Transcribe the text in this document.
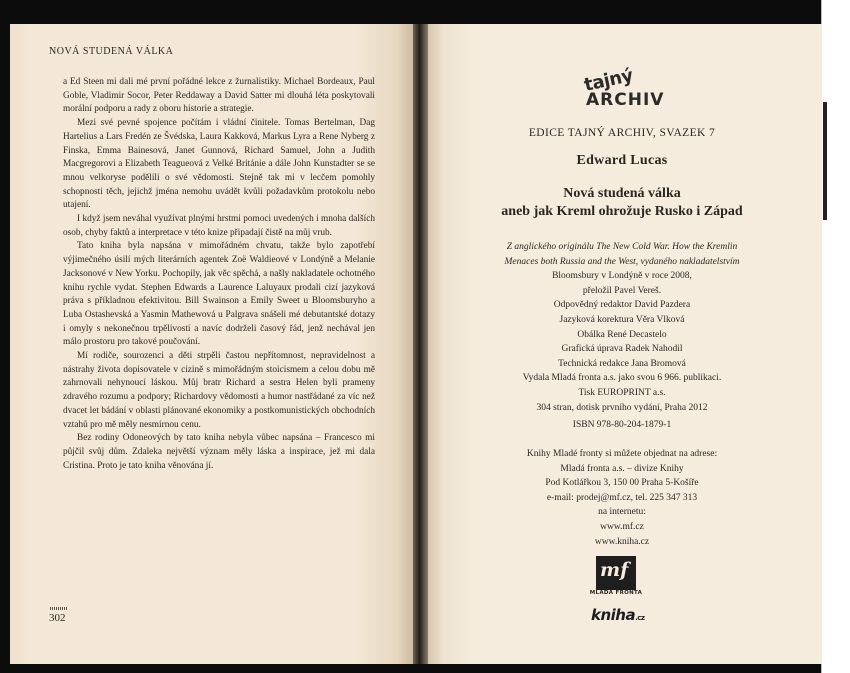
NOVÁ STUDENÁ VÁLKA

a Ed Steen mi dali mé první pořádné lekce z žurnalistiky. Michael Bordeaux, Paul Goble, Vladimir Socor, Peter Reddaway a David Satter mi dlouhá léta poskytovali morální podporu a rady z oboru historie a strategie.

Mezi své pevné spojence počítám i vládní činitele. Tomas Bertelman, Dag Hartelius a Lars Fredén ze Švédska, Laura Kakková, Markus Lyra a Rene Nyberg z Finska, Emma Bainesová, Janet Gunnová, Richard Samuel, John a Judith Macgregorovi a Elizabeth Teagueová z Velké Británie a dále John Kunstadter se se mnou velkoryse podělili o své vědomosti. Stejně tak mi v lecčem pomohly schopnosti těch, jejichž jména nemohu uvádět kvůli požadavkům protokolu nebo utajení.

I když jsem neváhal využívat plnými hrstmi pomoci uvedených i mnoha dalších osob, chyby faktů a interpretace v této knize připadají čistě na můj vrub.

Tato kniha byla napsána v mimořádném chvatu, takže bylo zapotřebí výjimečného úsilí mých literárních agentek Zoë Waldieové v Londýně a Melanie Jacksonové v New Yorku. Pochopily, jak věc spěchá, a našly nakladatele ochotného knihu rychle vydat. Stephen Edwards a Laurence Laluyaux prodali cizí jazyková práva s příkladnou efektivitou. Bill Swainson a Emily Sweet u Bloomsburyho a Luba Ostashevská a Yasmin Mathewová u Palgrava snášeli mé debutantské dotazy i omyly s nekonečnou trpělivostí a navíc dodrželi časový řád, jenž nechával jen málo prostoru pro takové poučování.

Mí rodiče, sourozenci a děti strpěli častou nepřítomnost, nepravidelnost a nástrahy života dopisovatele v cizině s mimořádným stoicismem a celou dobu mě zahrnovali nehynoucí láskou. Můj bratr Richard a sestra Helen byli prameny zdravého rozumu a podpory; Richardovy vědomosti a humor nastřádané za víc než dvacet let bádání v oblasti plánované ekonomiky a postkomunistických obchodních vztahů pro mě měly nesmírnou cenu.

Bez rodiny Odoneových by tato kniha nebyla vůbec napsána – Francesco mi půjčil svůj dům. Zdaleka největší význam měly láska a inspirace, jež mi dala Cristina. Proto je tato kniha věnována jí.

302
tajný
ARCHIV
EDICE TAJNÝ ARCHIV, SVAZEK 7
Edward Lucas
Nová studená válka
aneb jak Kreml ohrožuje Rusko i Západ
Z anglického originálu The New Cold War. How the Kremlin
Menaces both Russia and the West, vydaného nakladatelstvím
Bloomsbury v Londýně v roce 2008,
přeložil Pavel Vereš.
Odpovědný redaktor David Pazdera
Jazyková korektura Věra Vlková
Obálka René Decastelo
Grafická úprava Radek Nahodil
Technická redakce Jana Bromová
Vydala Mladá fronta a.s. jako svou 6 966. publikaci.
Tisk EUROPRINT a.s.
304 stran, dotisk prvního vydání, Praha 2012
ISBN 978-80-204-1879-1
Knihy Mladé fronty si můžete objednat na adrese:
Mladá fronta a.s. – divize Knihy
Pod Kotlářkou 3, 150 00 Praha 5-Košíře
e-mail: prodej@mf.cz, tel. 225 347 313
na internetu:
www.mf.cz
www.kniha.cz
mf
MLADÁ FRONTA
kniha.cz
